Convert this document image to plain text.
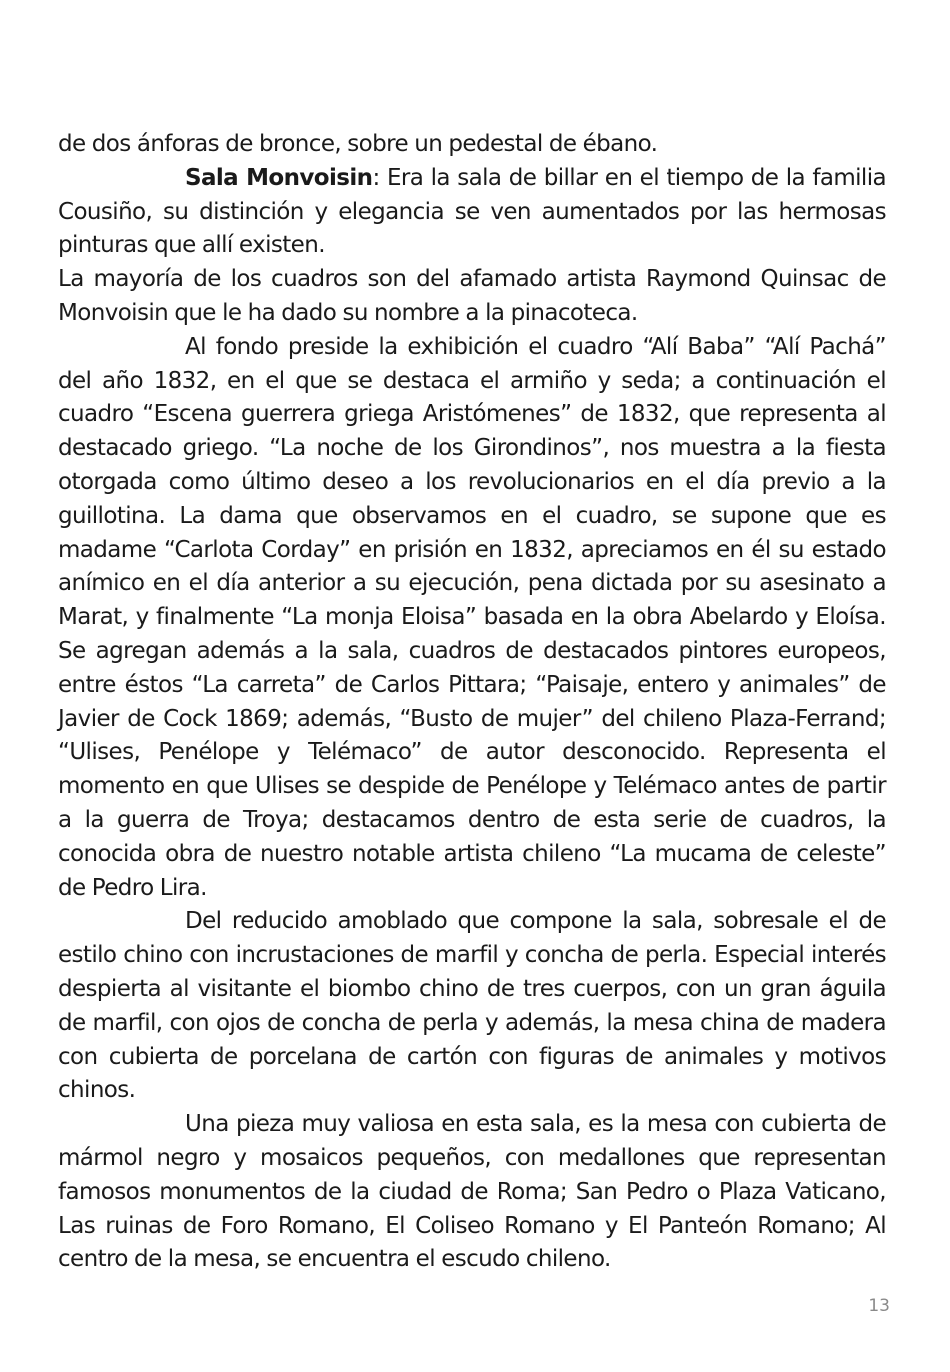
de dos ánforas de bronce, sobre un pedestal de ébano.

Sala Monvoisin: Era la sala de billar en el tiempo de la familia Cousiño, su distinción y elegancia se ven aumentados por las hermosas pinturas que allí existen.

La mayoría de los cuadros son del afamado artista Raymond Quinsac de Monvoisin que le ha dado su nombre a la pinacoteca.

Al fondo preside la exhibición el cuadro “Alí Baba” “Alí Pachá” del año 1832, en el que se destaca el armiño y seda; a continuación el cuadro “Escena guerrera griega Aristómenes” de 1832, que representa al destacado griego. “La noche de los Girondinos”, nos muestra a la fiesta otorgada como último deseo a los revolucionarios en el día previo a la guillotina. La dama que observamos en el cuadro, se supone que es madame “Carlota Corday” en prisión en 1832, apreciamos en él su estado anímico en el día anterior a su ejecución, pena dictada por su asesinato a Marat, y finalmente “La monja Eloisa” basada en la obra Abelardo y Eloísa. Se agregan además a la sala, cuadros de destacados pintores europeos, entre éstos “La carreta” de Carlos Pittara; “Paisaje, entero y animales” de Javier de Cock 1869; además, “Busto de mujer” del chileno Plaza-Ferrand; “Ulises, Penélope y Telémaco” de autor desconocido. Representa el momento en que Ulises se despide de Penélope y Telémaco antes de partir a la guerra de Troya; destacamos dentro de esta serie de cuadros, la conocida obra de nuestro notable artista chileno “La mucama de celeste” de Pedro Lira.

Del reducido amoblado que compone la sala, sobresale el de estilo chino con incrustaciones de marfil y concha de perla. Especial interés despierta al visitante el biombo chino de tres cuerpos, con un gran águila de marfil, con ojos de concha de perla y además, la mesa china de madera con cubierta de porcelana de cartón con figuras de animales y motivos chinos.

Una pieza muy valiosa en esta sala, es la mesa con cubierta de mármol negro y mosaicos pequeños, con medallones que representan famosos monumentos de la ciudad de Roma; San Pedro o Plaza Vaticano, Las ruinas de Foro Romano, El Coliseo Romano y El Panteón Romano; Al centro de la mesa, se encuentra el escudo chileno.

13
